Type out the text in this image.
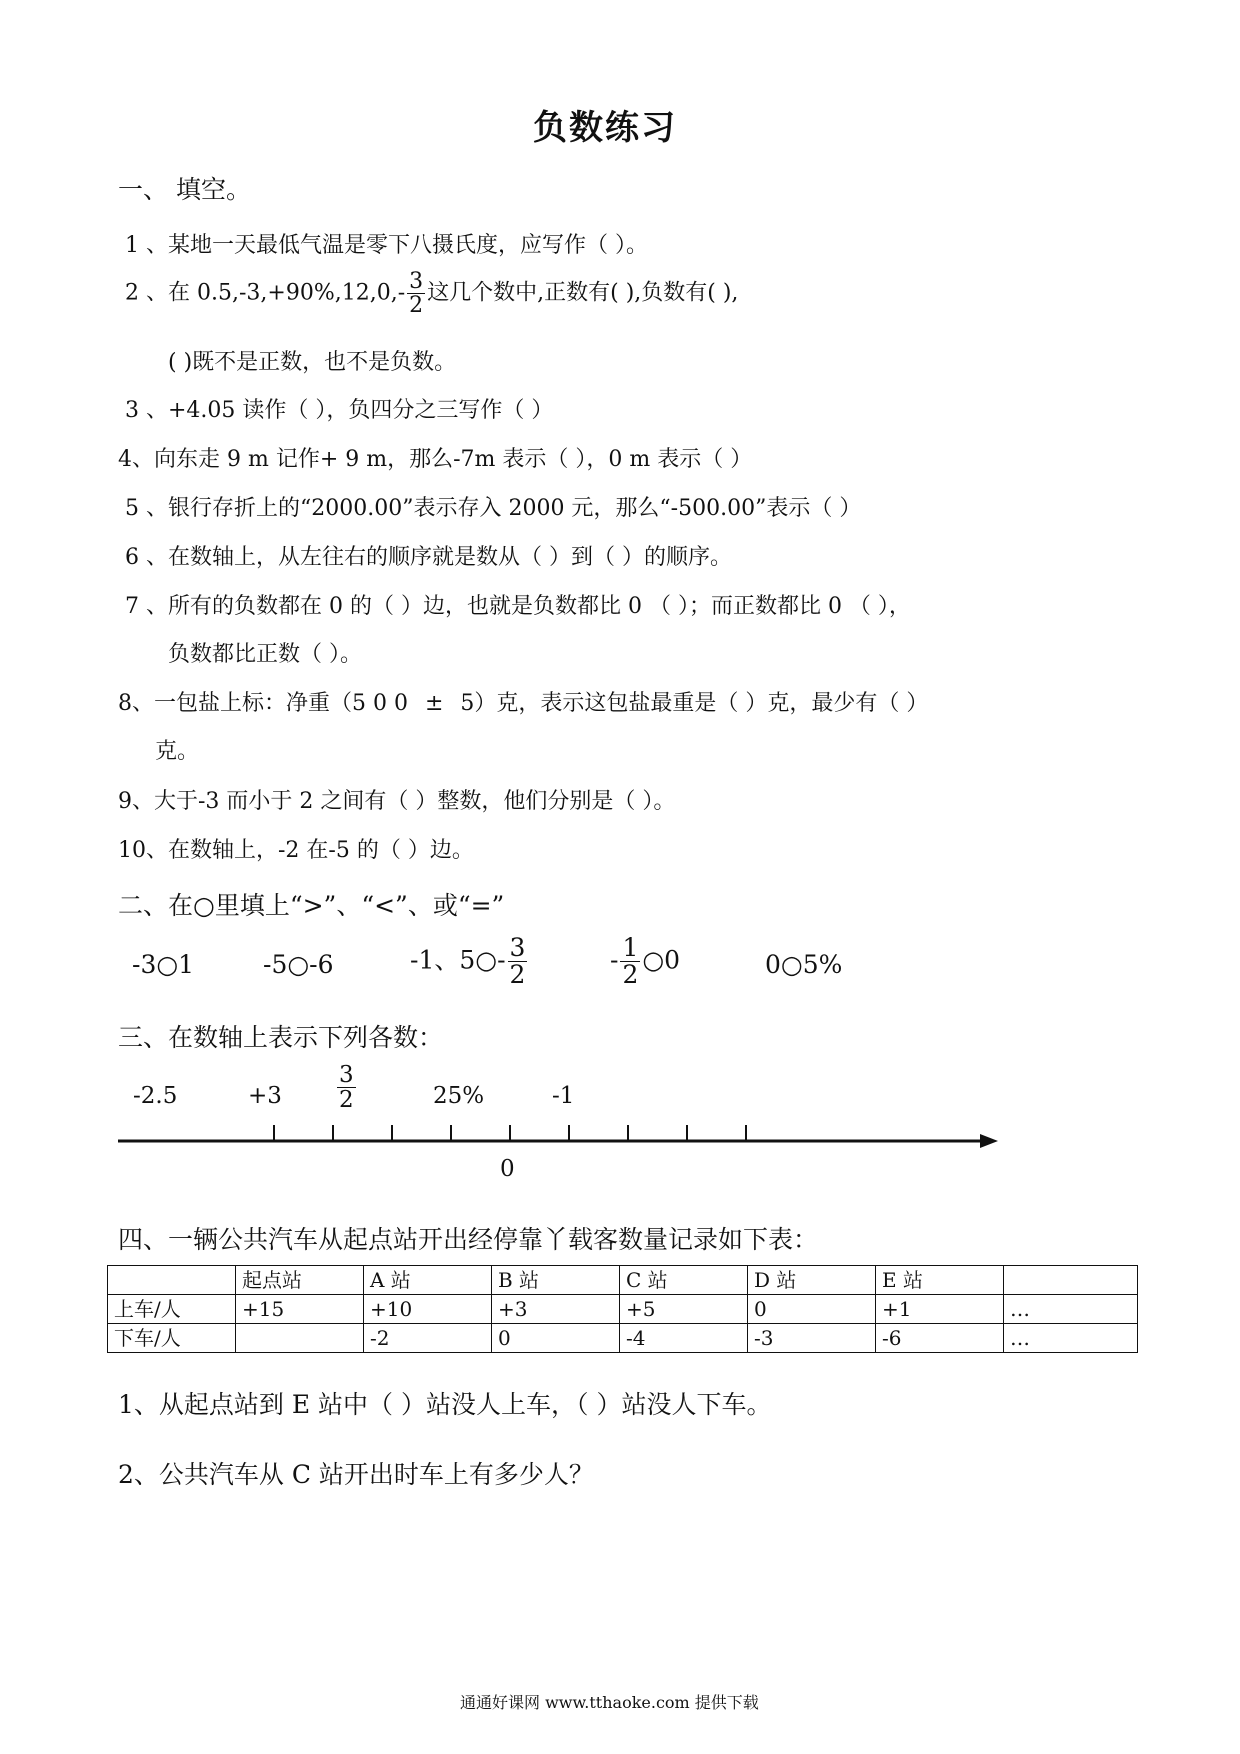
负数练习
一、 填空。
1 、某地一天最低气温是零下八摄氏度，应写作（ ）。
2 、在 $0.5,-3,+90\%,12,0,- \frac{3}{2}$ 这几个数中,正数有( ),负数有( ),
( )既不是正数，也不是负数。
3 、+4.05 读作（ ），负四分之三写作（ ）
4、向东走 9 m 记作+ 9 m，那么-7m 表示（ ），0 m 表示（ ）
5 、银行存折上的“2000.00”表示存入 2000 元，那么“-500.00”表示（ ）
6 、在数轴上，从左往右的顺序就是数从（ ）到（ ）的顺序。
7 、所有的负数都在 0 的（ ）边，也就是负数都比 0 （ ）；而正数都比 0 （ ），
负数都比正数（ ）。
8、一包盐上标：净重（5 0 0 ± 5）克，表示这包盐最重是（ ）克，最少有（ ）
克。
9、大于-3 而小于 2 之间有（ ）整数，他们分别是（ ）。
10、在数轴上，-2 在-5 的（ ）边。
二、在○里填上“>”、“<”、或“=”
-3○1	-5○-6	-1、5○- $\frac{3}{2}$	- $\frac{1}{2}$ ○0	0○5%
三、在数轴上表示下列各数：
-2.5	$+3 \frac{3}{2}$	25%	-1
0
四、一辆公共汽车从起点站开出经停靠丫载客数量记录如下表：
	起点站	A 站	B 站	C 站	D 站	E 站	
上车/人	+15	+10	+3	+5	0	+1	…
下车/人		-2	0	-4	-3	-6	…
1、从起点站到 E 站中（ ）站没人上车，（ ）站没人下车。
2、公共汽车从 C 站开出时车上有多少人？
通通好课网 www.tthaoke.com 提供下载
